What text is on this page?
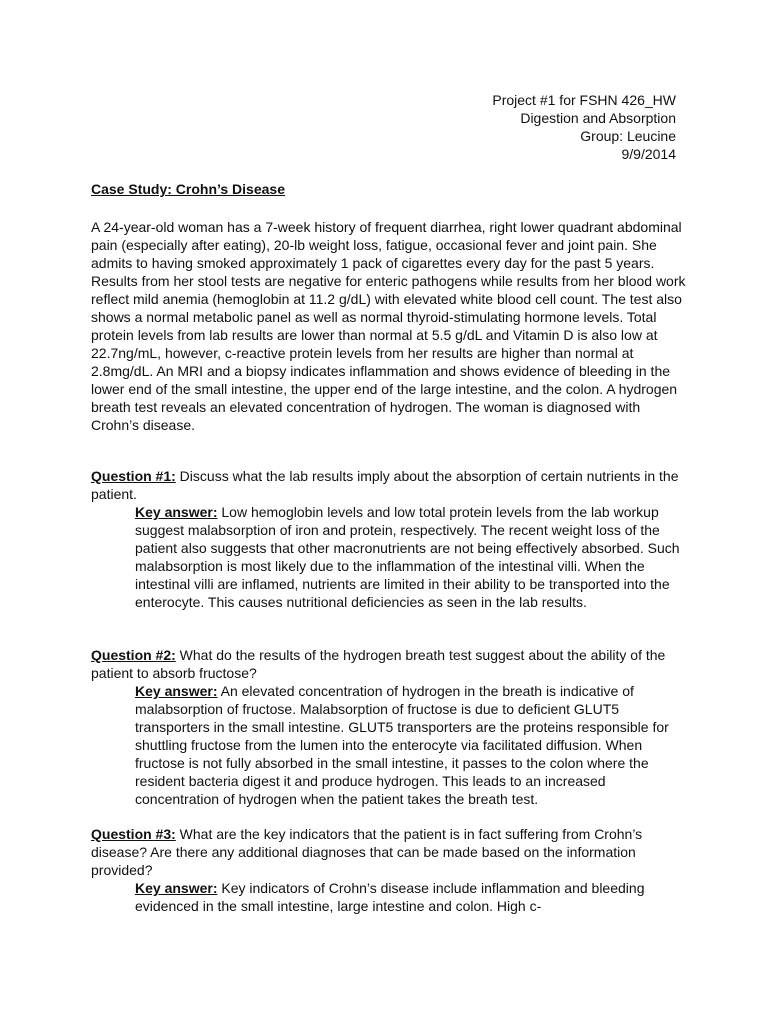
Project #1 for FSHN 426_HW
Digestion and Absorption
Group: Leucine
9/9/2014
Case Study: Crohn’s Disease

A 24-year-old woman has a 7-week history of frequent diarrhea, right lower quadrant abdominal pain (especially after eating), 20-lb weight loss, fatigue, occasional fever and joint pain. She admits to having smoked approximately 1 pack of cigarettes every day for the past 5 years. Results from her stool tests are negative for enteric pathogens while results from her blood work reflect mild anemia (hemoglobin at 11.2 g/dL) with elevated white blood cell count. The test also shows a normal metabolic panel as well as normal thyroid-stimulating hormone levels. Total protein levels from lab results are lower than normal at 5.5 g/dL and Vitamin D is also low at 22.7ng/mL, however, c-reactive protein levels from her results are higher than normal at 2.8mg/dL. An MRI and a biopsy indicates inflammation and shows evidence of bleeding in the lower end of the small intestine, the upper end of the large intestine, and the colon. A hydrogen breath test reveals an elevated concentration of hydrogen. The woman is diagnosed with Crohn’s disease.

Question #1: Discuss what the lab results imply about the absorption of certain nutrients in the patient.

Key answer: Low hemoglobin levels and low total protein levels from the lab workup suggest malabsorption of iron and protein, respectively. The recent weight loss of the patient also suggests that other macronutrients are not being effectively absorbed. Such malabsorption is most likely due to the inflammation of the intestinal villi. When the intestinal villi are inflamed, nutrients are limited in their ability to be transported into the enterocyte. This causes nutritional deficiencies as seen in the lab results.

Question #2: What do the results of the hydrogen breath test suggest about the ability of the patient to absorb fructose?

Key answer: An elevated concentration of hydrogen in the breath is indicative of malabsorption of fructose. Malabsorption of fructose is due to deficient GLUT5 transporters in the small intestine. GLUT5 transporters are the proteins responsible for shuttling fructose from the lumen into the enterocyte via facilitated diffusion. When fructose is not fully absorbed in the small intestine, it passes to the colon where the resident bacteria digest it and produce hydrogen. This leads to an increased concentration of hydrogen when the patient takes the breath test.

Question #3: What are the key indicators that the patient is in fact suffering from Crohn’s disease? Are there any additional diagnoses that can be made based on the information provided?

Key answer: Key indicators of Crohn’s disease include inflammation and bleeding evidenced in the small intestine, large intestine and colon. High c-
